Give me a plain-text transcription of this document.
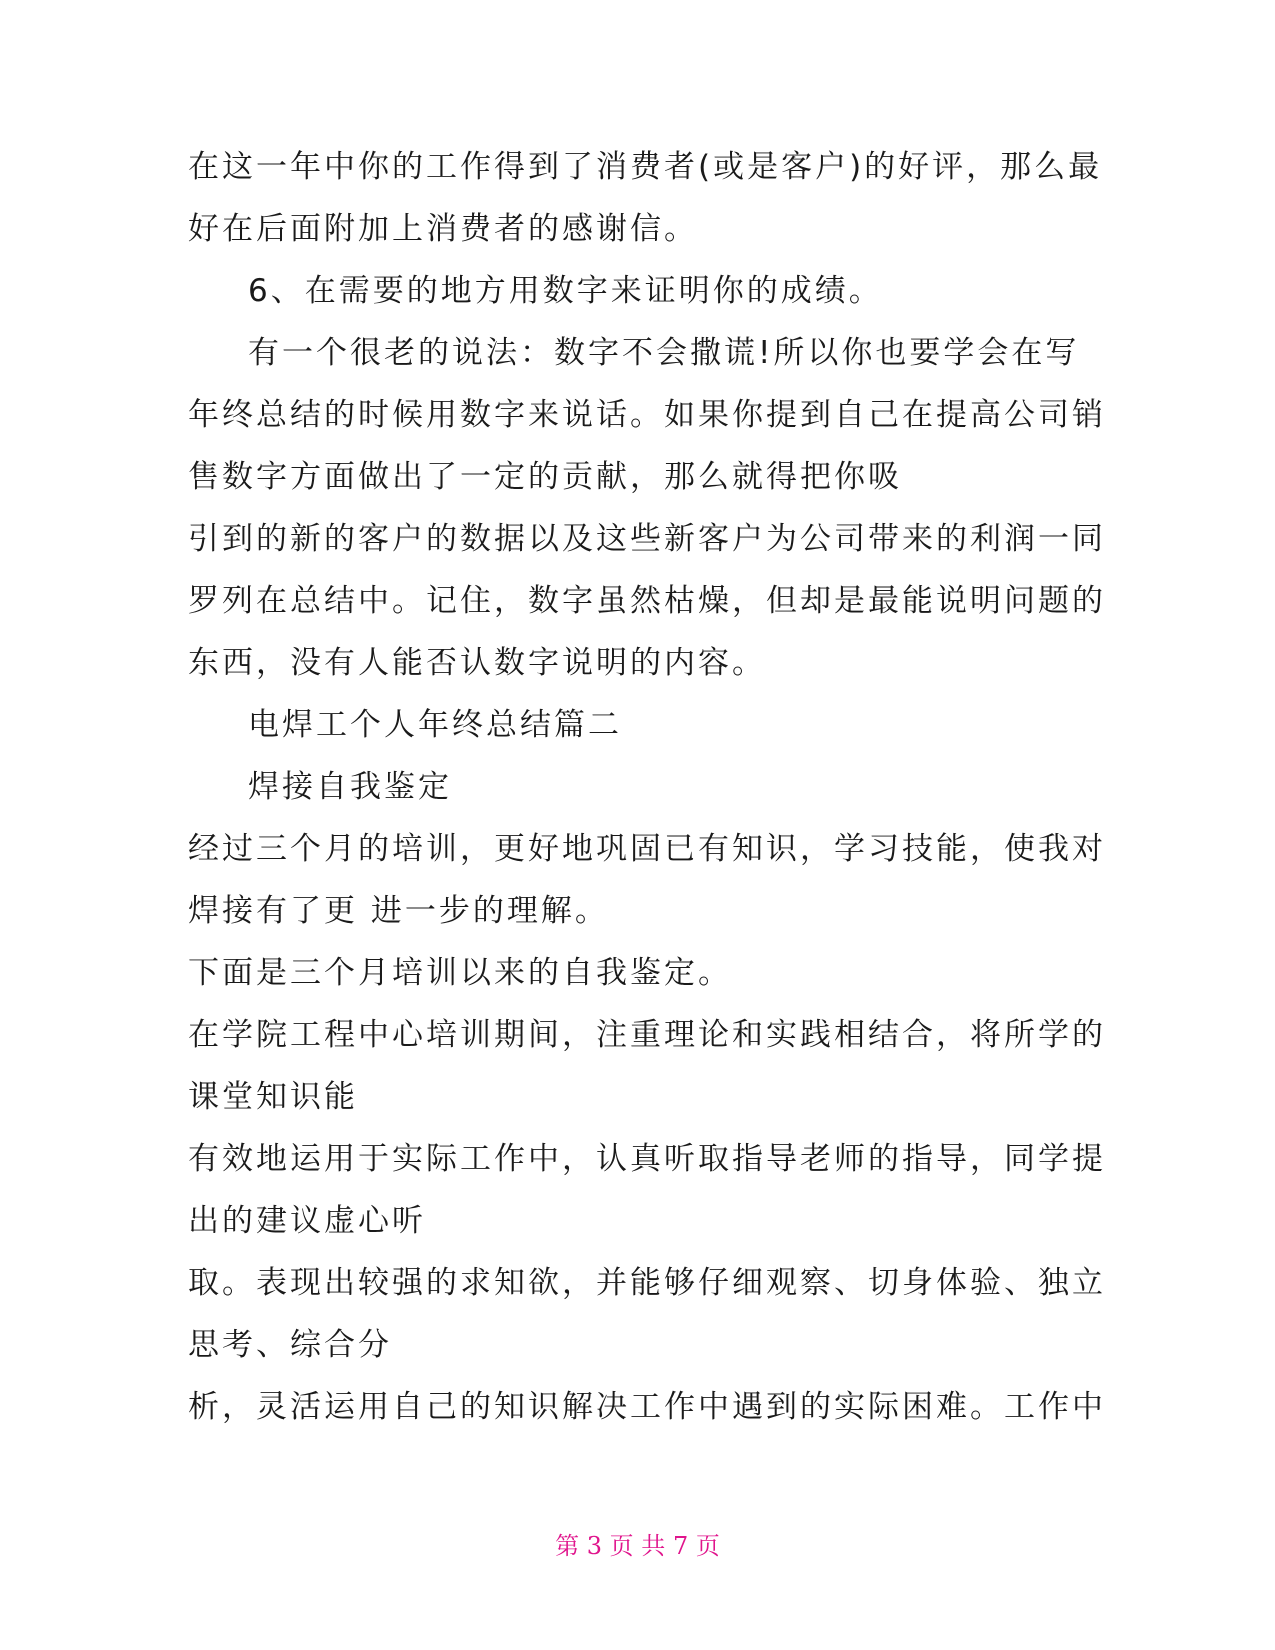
在这一年中你的工作得到了消费者(或是客户)的好评，那么最
好在后面附加上消费者的感谢信。
6、在需要的地方用数字来证明你的成绩。
有一个很老的说法：数字不会撒谎!所以你也要学会在写
年终总结的时候用数字来说话。如果你提到自己在提高公司销
售数字方面做出了一定的贡献，那么就得把你吸
引到的新的客户的数据以及这些新客户为公司带来的利润一同
罗列在总结中。记住，数字虽然枯燥，但却是最能说明问题的
东西，没有人能否认数字说明的内容。
电焊工个人年终总结篇二
焊接自我鉴定
经过三个月的培训，更好地巩固已有知识，学习技能，使我对
焊接有了更 进一步的理解。
下面是三个月培训以来的自我鉴定。
在学院工程中心培训期间，注重理论和实践相结合，将所学的
课堂知识能
有效地运用于实际工作中，认真听取指导老师的指导，同学提
出的建议虚心听
取。表现出较强的求知欲，并能够仔细观察、切身体验、独立
思考、综合分
析，灵活运用自己的知识解决工作中遇到的实际困难。工作中
第 3 页 共 7 页
